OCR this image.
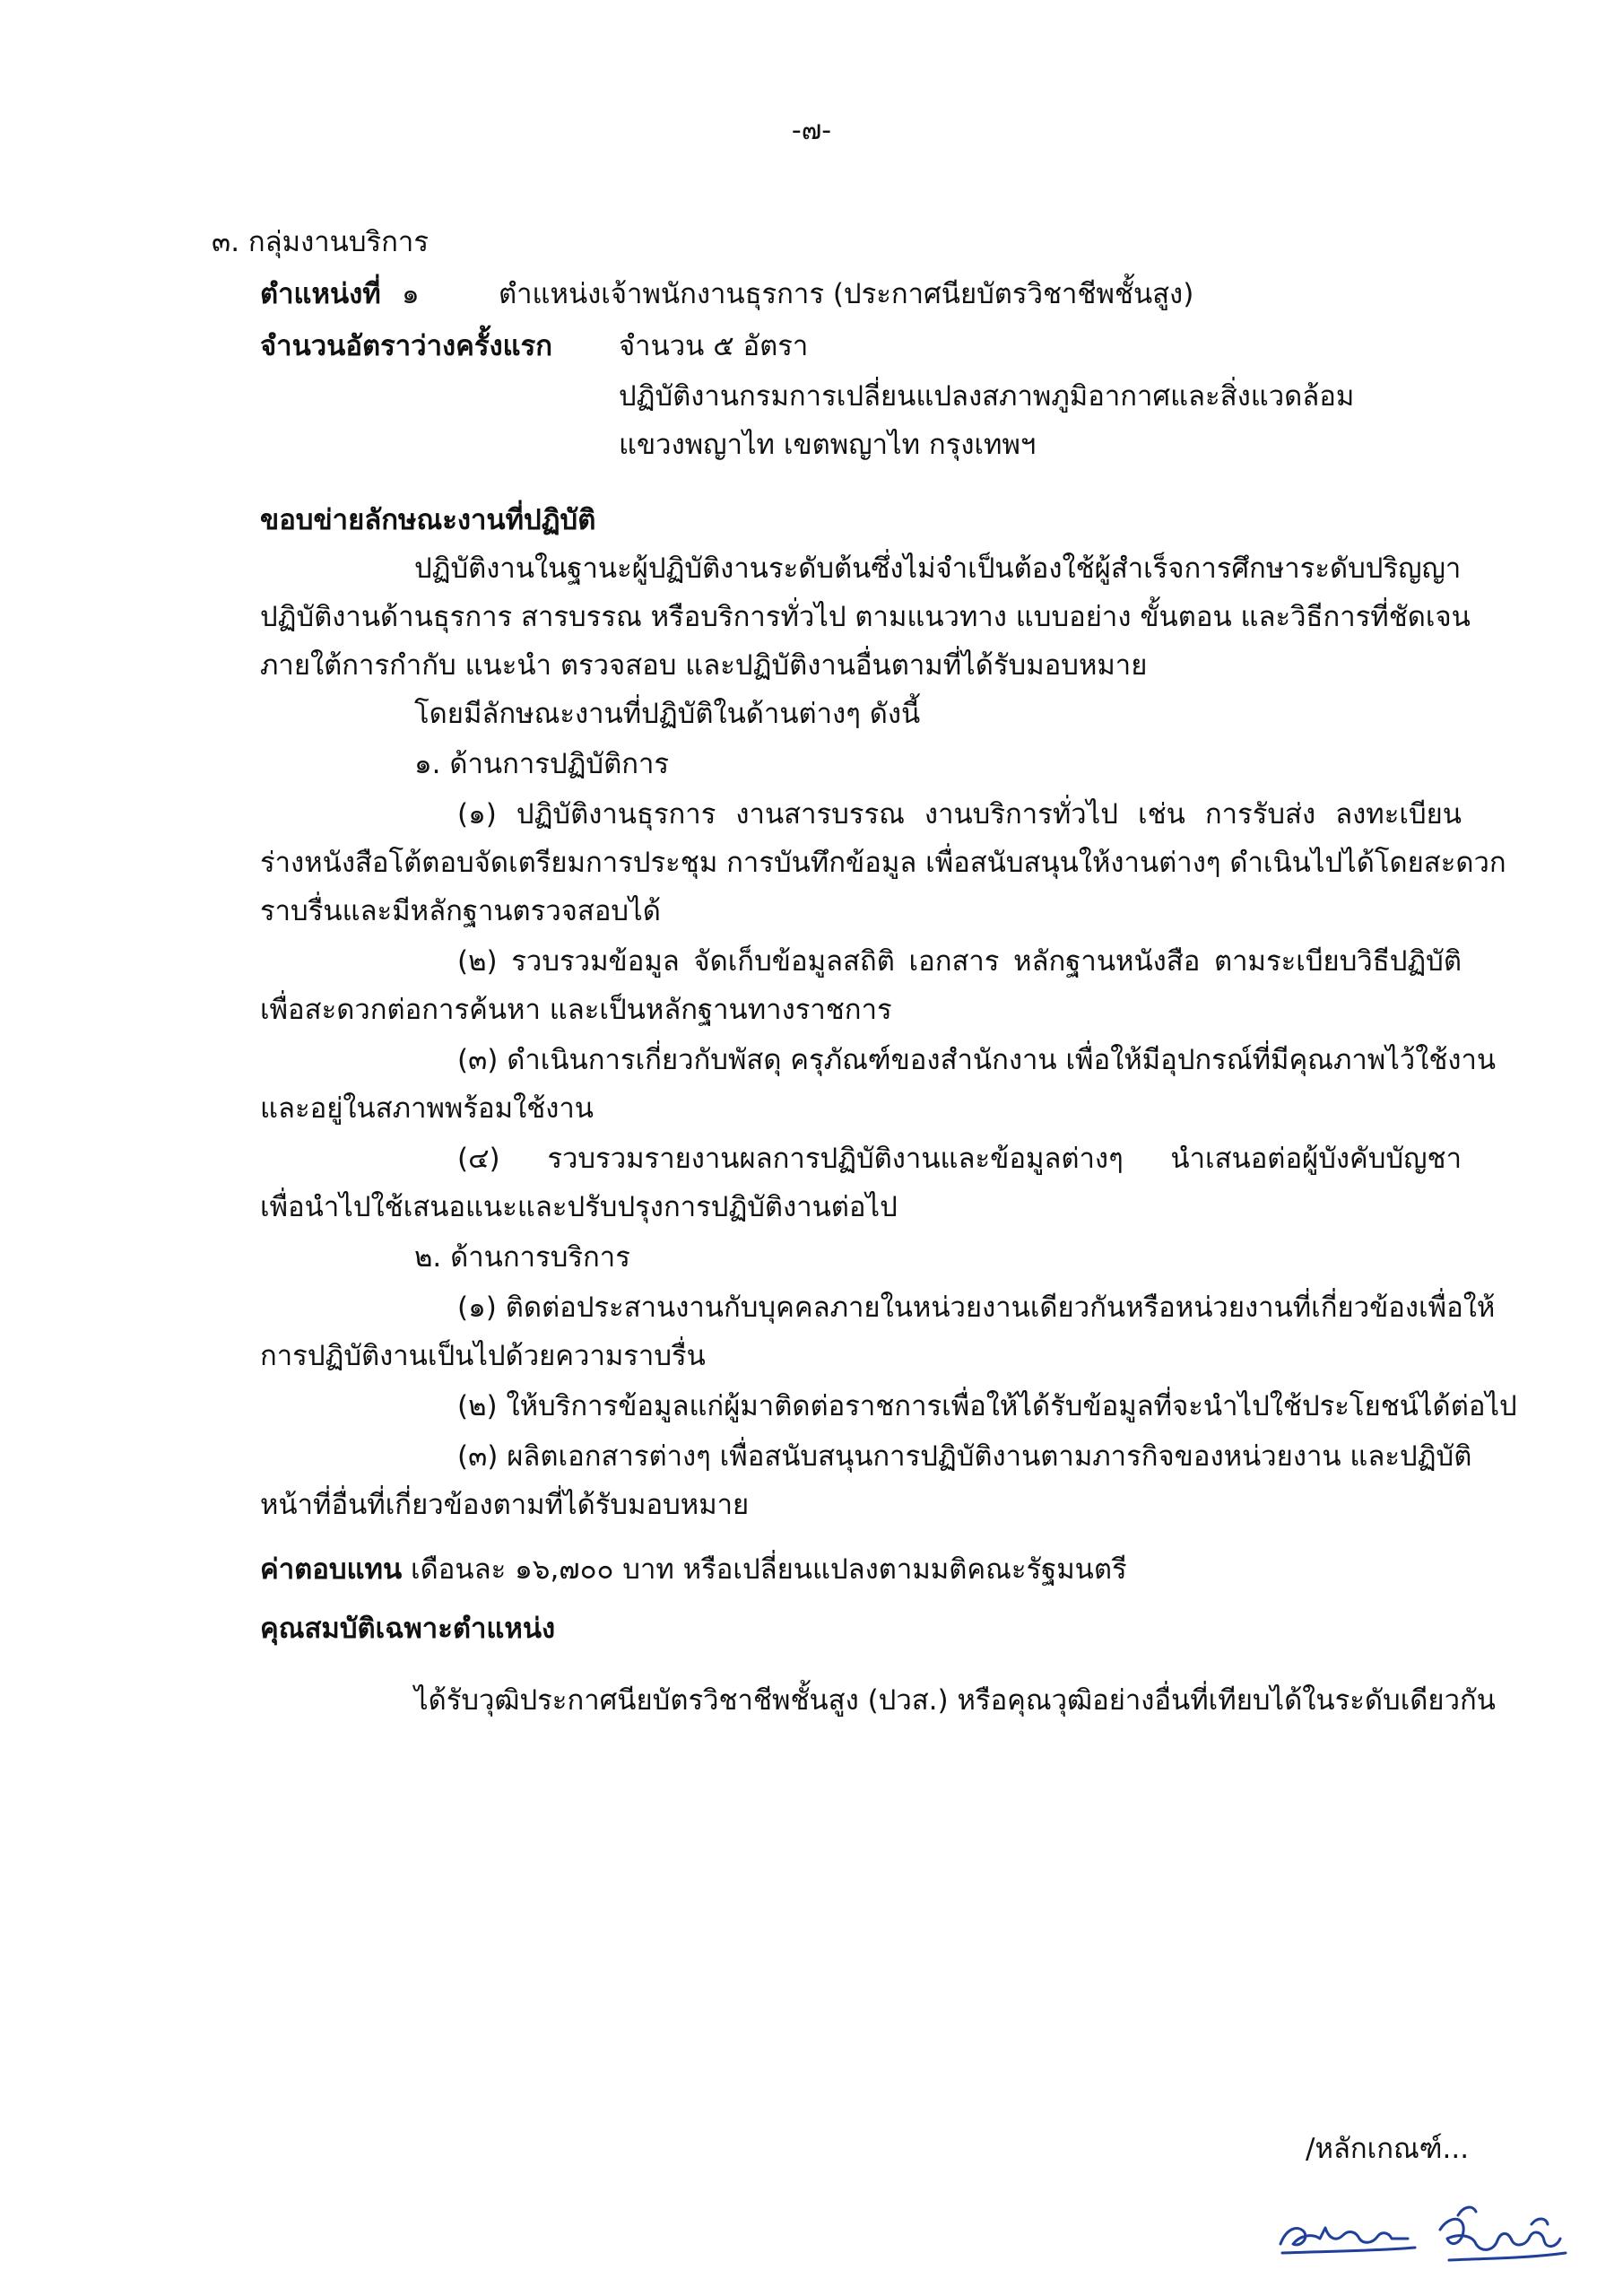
-๗-
๓. กลุ่มงานบริการ
ตำแหน่งที่ ๑	ตำแหน่งเจ้าพนักงานธุรการ (ประกาศนียบัตรวิชาชีพชั้นสูง)
จำนวนอัตราว่างครั้งแรก จำนวน ๕ อัตรา
ปฏิบัติงานกรมการเปลี่ยนแปลงสภาพภูมิอากาศและสิ่งแวดล้อม
แขวงพญาไท เขตพญาไท กรุงเทพฯ
ขอบข่ายลักษณะงานที่ปฏิบัติ
ปฏิบัติงานในฐานะผู้ปฏิบัติงานระดับต้นซึ่งไม่จำเป็นต้องใช้ผู้สำเร็จการศึกษาระดับปริญญา
ปฏิบัติงานด้านธุรการ สารบรรณ หรือบริการทั่วไป ตามแนวทาง แบบอย่าง ขั้นตอน และวิธีการที่ชัดเจน
ภายใต้การกำกับ แนะนำ ตรวจสอบ และปฏิบัติงานอื่นตามที่ได้รับมอบหมาย
โดยมีลักษณะงานที่ปฏิบัติในด้านต่างๆ ดังนี้
๑. ด้านการปฏิบัติการ
(๑) ปฏิบัติงานธุรการ งานสารบรรณ งานบริการทั่วไป เช่น การรับส่ง ลงทะเบียน
ร่างหนังสือโต้ตอบจัดเตรียมการประชุม การบันทึกข้อมูล เพื่อสนับสนุนให้งานต่างๆ ดำเนินไปได้โดยสะดวก
ราบรื่นและมีหลักฐานตรวจสอบได้
(๒) รวบรวมข้อมูล จัดเก็บข้อมูลสถิติ เอกสาร หลักฐานหนังสือ ตามระเบียบวิธีปฏิบัติ
เพื่อสะดวกต่อการค้นหา และเป็นหลักฐานทางราชการ
(๓) ดำเนินการเกี่ยวกับพัสดุ ครุภัณฑ์ของสำนักงาน เพื่อให้มีอุปกรณ์ที่มีคุณภาพไว้ใช้งาน
และอยู่ในสภาพพร้อมใช้งาน
(๔) รวบรวมรายงานผลการปฏิบัติงานและข้อมูลต่างๆ นำเสนอต่อผู้บังคับบัญชา
เพื่อนำไปใช้เสนอแนะและปรับปรุงการปฏิบัติงานต่อไป
๒. ด้านการบริการ
(๑) ติดต่อประสานงานกับบุคคลภายในหน่วยงานเดียวกันหรือหน่วยงานที่เกี่ยวข้องเพื่อให้
การปฏิบัติงานเป็นไปด้วยความราบรื่น
(๒) ให้บริการข้อมูลแก่ผู้มาติดต่อราชการเพื่อให้ได้รับข้อมูลที่จะนำไปใช้ประโยชน์ได้ต่อไป
(๓) ผลิตเอกสารต่างๆ เพื่อสนับสนุนการปฏิบัติงานตามภารกิจของหน่วยงาน และปฏิบัติ
หน้าที่อื่นที่เกี่ยวข้องตามที่ได้รับมอบหมาย
ค่าตอบแทน เดือนละ ๑๖,๗๐๐ บาท หรือเปลี่ยนแปลงตามมติคณะรัฐมนตรี
คุณสมบัติเฉพาะตำแหน่ง
ได้รับวุฒิประกาศนียบัตรวิชาชีพชั้นสูง (ปวส.) หรือคุณวุฒิอย่างอื่นที่เทียบได้ในระดับเดียวกัน
/หลักเกณฑ์...
